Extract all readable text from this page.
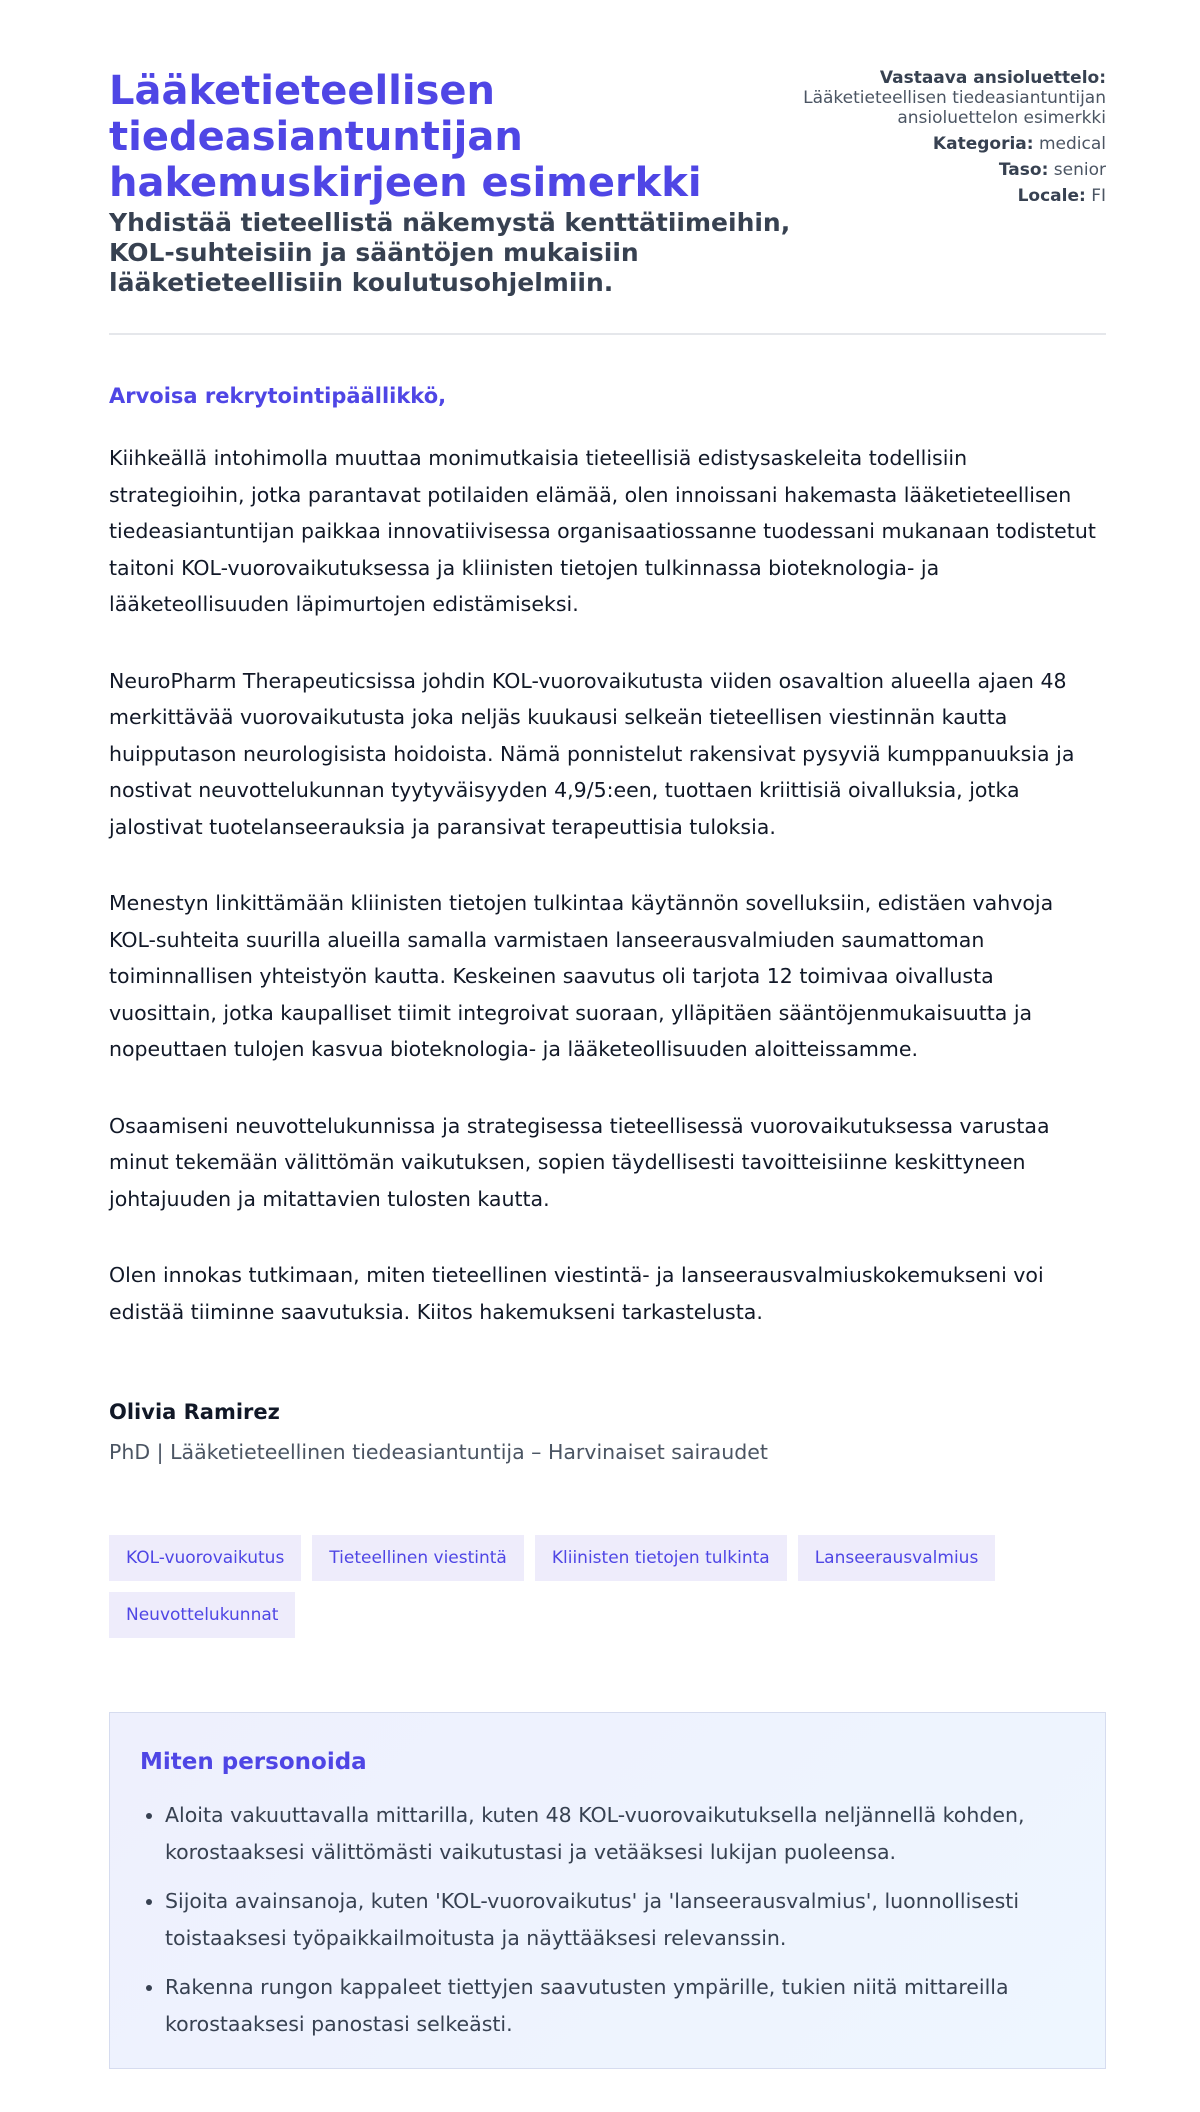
Lääketieteellisen tiedeasiantuntijan hakemuskirjeen esimerkki
Yhdistää tieteellistä näkemystä kenttätiimeihin, KOL-suhteisiin ja sääntöjen mukaisiin lääketieteellisiin koulutusohjelmiin.
Vastaava ansioluettelo:
Lääketieteellisen tiedeasiantuntijan ansioluettelon esimerkki
Kategoria: medical
Taso: senior
Locale: FI
Arvoisa rekrytointipäällikkö,

Kiihkeällä intohimolla muuttaa monimutkaisia tieteellisiä edistysaskeleita todellisiin strategioihin, jotka parantavat potilaiden elämää, olen innoissani hakemasta lääketieteellisen tiedeasiantuntijan paikkaa innovatiivisessa organisaatiossanne tuodessani mukanaan todistetut taitoni KOL-vuorovaikutuksessa ja kliinisten tietojen tulkinnassa bioteknologia- ja lääketeollisuuden läpimurtojen edistämiseksi.

NeuroPharm Therapeuticsissa johdin KOL-vuorovaikutusta viiden osavaltion alueella ajaen 48 merkittävää vuorovaikutusta joka neljäs kuukausi selkeän tieteellisen viestinnän kautta huipputason neurologisista hoidoista. Nämä ponnistelut rakensivat pysyviä kumppanuuksia ja nostivat neuvottelukunnan tyytyväisyyden 4,9/5:een, tuottaen kriittisiä oivalluksia, jotka jalostivat tuotelanseerauksia ja paransivat terapeuttisia tuloksia.

Menestyn linkittämään kliinisten tietojen tulkintaa käytännön sovelluksiin, edistäen vahvoja KOL-suhteita suurilla alueilla samalla varmistaen lanseerausvalmiuden saumattoman toiminnallisen yhteistyön kautta. Keskeinen saavutus oli tarjota 12 toimivaa oivallusta vuosittain, jotka kaupalliset tiimit integroivat suoraan, ylläpitäen sääntöjenmukaisuutta ja nopeuttaen tulojen kasvua bioteknologia- ja lääketeollisuuden aloitteissamme.

Osaamiseni neuvottelukunnissa ja strategisessa tieteellisessä vuorovaikutuksessa varustaa minut tekemään välittömän vaikutuksen, sopien täydellisesti tavoitteisiinne keskittyneen johtajuuden ja mitattavien tulosten kautta.

Olen innokas tutkimaan, miten tieteellinen viestintä- ja lanseerausvalmiuskokemukseni voi edistää tiiminne saavutuksia. Kiitos hakemukseni tarkastelusta.

Olivia Ramirez
PhD | Lääketieteellinen tiedeasiantuntija – Harvinaiset sairaudet
KOL-vuorovaikutus	Tieteellinen viestintä	Kliinisten tietojen tulkinta	Lanseerausvalmius
Neuvottelukunnat
Miten personoida
• Aloita vakuuttavalla mittarilla, kuten 48 KOL-vuorovaikutuksella neljännellä kohden, korostaaksesi välittömästi vaikutustasi ja vetääksesi lukijan puoleensa.
• Sijoita avainsanoja, kuten 'KOL-vuorovaikutus' ja 'lanseerausvalmius', luonnollisesti toistaaksesi työpaikkailmoitusta ja näyttääksesi relevanssin.
• Rakenna rungon kappaleet tiettyjen saavutusten ympärille, tukien niitä mittareilla korostaaksesi panostasi selkeästi.
